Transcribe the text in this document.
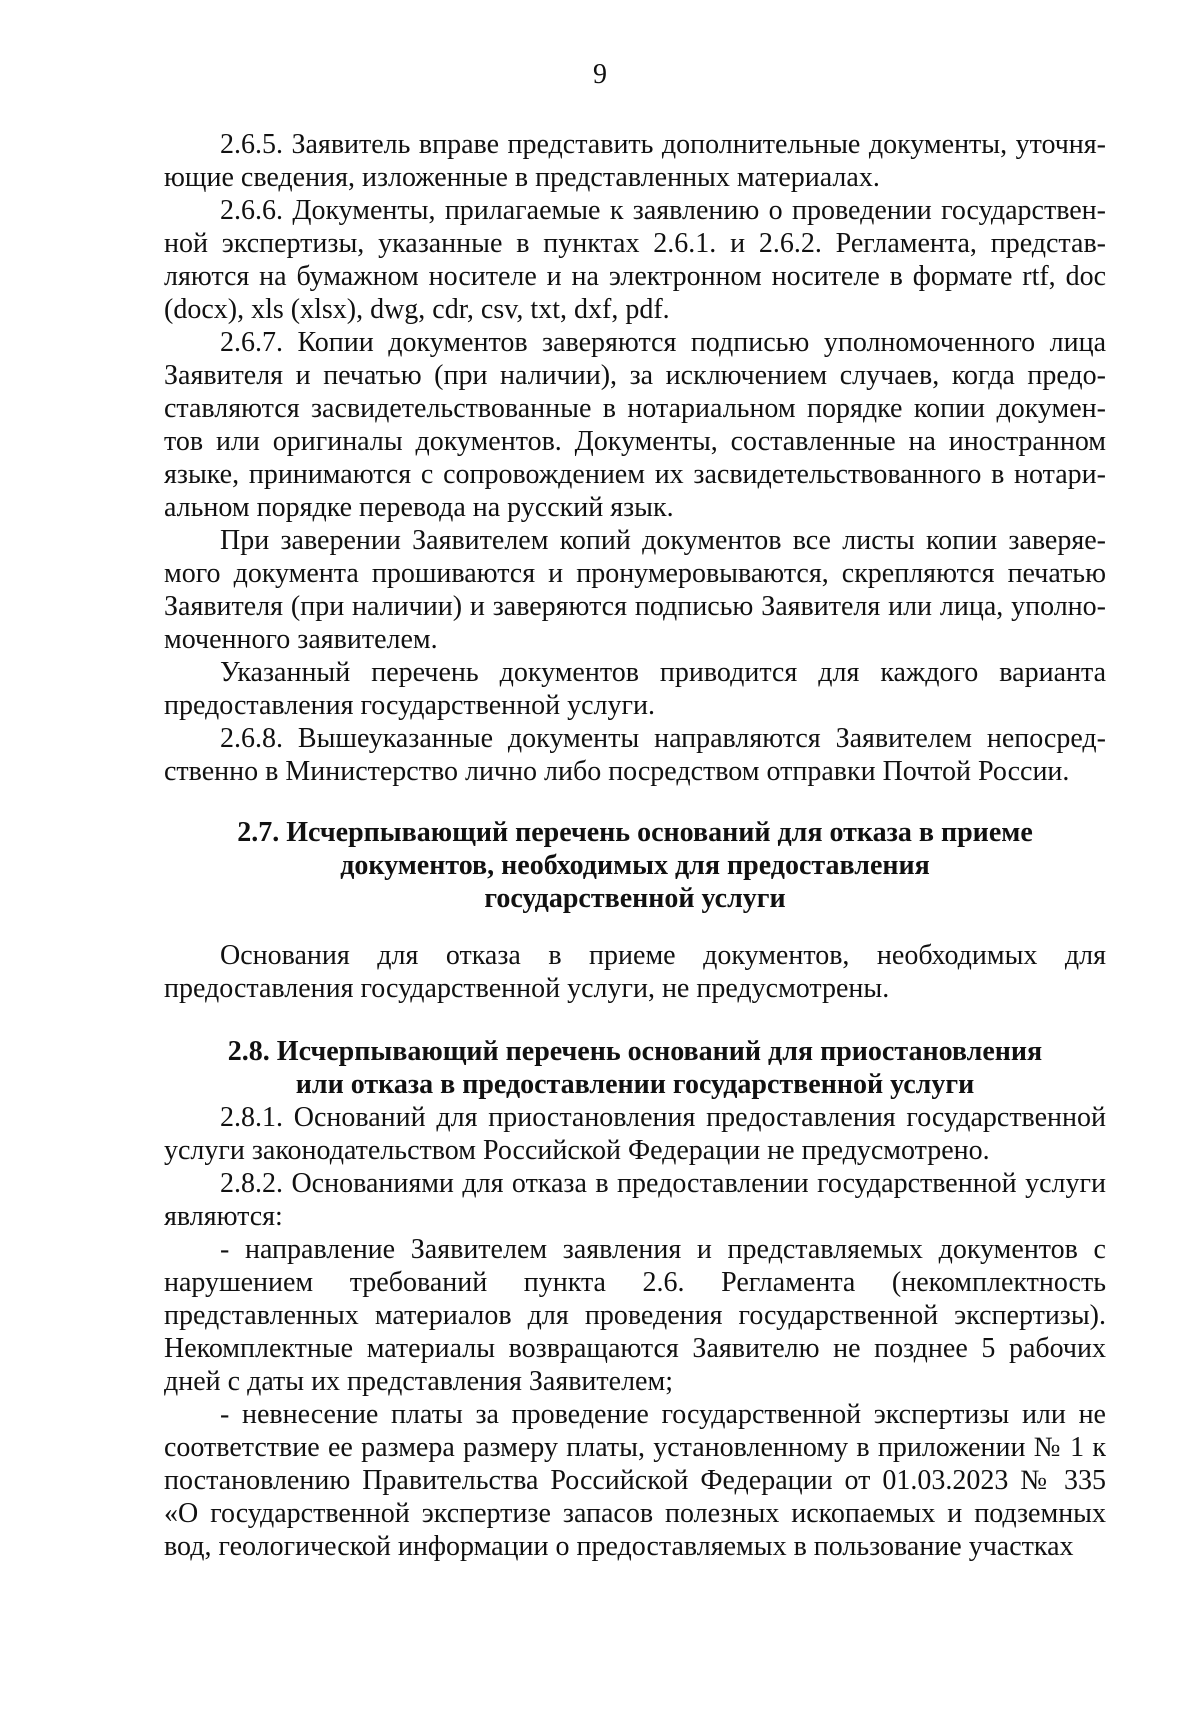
9

2.6.5. Заявитель вправе представить дополнительные документы, уточняющие сведения, изложенные в представленных материалах.

2.6.6. Документы, прилагаемые к заявлению о проведении государственной экспертизы, указанные в пунктах 2.6.1. и 2.6.2. Регламента, представляются на бумажном носителе и на электронном носителе в формате rtf, doc (docx), xls (xlsx), dwg, cdr, csv, txt, dxf, pdf.

2.6.7. Копии документов заверяются подписью уполномоченного лица Заявителя и печатью (при наличии), за исключением случаев, когда предоставляются засвидетельствованные в нотариальном порядке копии документов или оригиналы документов. Документы, составленные на иностранном языке, принимаются с сопровождением их засвидетельствованного в нотариальном порядке перевода на русский язык.

При заверении Заявителем копий документов все листы копии заверяемого документа прошиваются и пронумеровываются, скрепляются печатью Заявителя (при наличии) и заверяются подписью Заявителя или лица, уполномоченного заявителем.

Указанный перечень документов приводится для каждого варианта предоставления государственной услуги.

2.6.8. Вышеуказанные документы направляются Заявителем непосредственно в Министерство лично либо посредством отправки Почтой России.

2.7. Исчерпывающий перечень оснований для отказа в приеме
документов, необходимых для предоставления
государственной услуги

Основания для отказа в приеме документов, необходимых для предоставления государственной услуги, не предусмотрены.

2.8. Исчерпывающий перечень оснований для приостановления
или отказа в предоставлении государственной услуги

2.8.1. Оснований для приостановления предоставления государственной услуги законодательством Российской Федерации не предусмотрено.

2.8.2. Основаниями для отказа в предоставлении государственной услуги являются:

- направление Заявителем заявления и представляемых документов с нарушением требований пункта 2.6. Регламента (некомплектность представленных материалов для проведения государственной экспертизы). Некомплектные материалы возвращаются Заявителю не позднее 5 рабочих дней с даты их представления Заявителем;

- невнесение платы за проведение государственной экспертизы или не соответствие ее размера размеру платы, установленному в приложении № 1 к постановлению Правительства Российской Федерации от 01.03.2023 № 335 «О государственной экспертизе запасов полезных ископаемых и подземных вод, геологической информации о предоставляемых в пользование участках
